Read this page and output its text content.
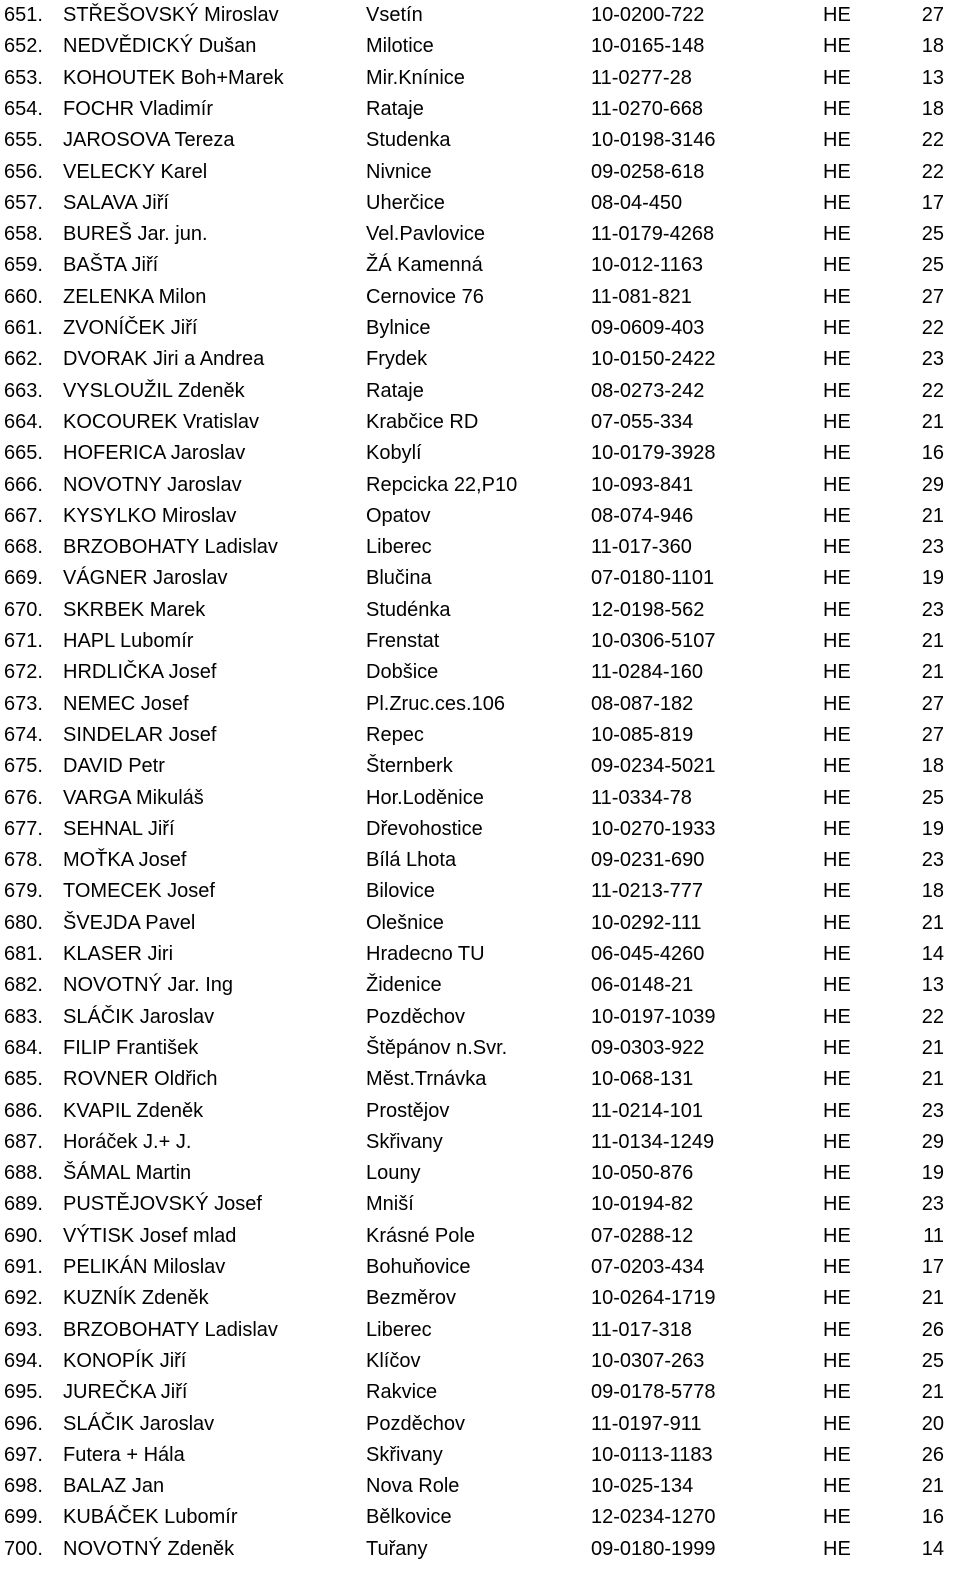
651. STŘEŠOVSKÝ Miroslav	Vsetín	10-0200-722	HE	27
652. NEDVĚDICKÝ Dušan	Milotice	10-0165-148	HE	18
653. KOHOUTEK Boh+Marek	Mir.Knínice	11-0277-28	HE	13
654. FOCHR Vladimír	Rataje	11-0270-668	HE	18
655. JAROSOVA Tereza	Studenka	10-0198-3146	HE	22
656. VELECKY Karel	Nivnice	09-0258-618	HE	22
657. SALAVA Jiří	Uherčice	08-04-450	HE	17
658. BUREŠ Jar. jun.	Vel.Pavlovice	11-0179-4268	HE	25
659. BAŠTA Jiří	ŽÁ Kamenná	10-012-1163	HE	25
660. ZELENKA Milon	Cernovice 76	11-081-821	HE	27
661. ZVONÍČEK Jiří	Bylnice	09-0609-403	HE	22
662. DVORAK Jiri a Andrea	Frydek	10-0150-2422	HE	23
663. VYSLOUŽIL Zdeněk	Rataje	08-0273-242	HE	22
664. KOCOUREK Vratislav	Krabčice RD	07-055-334	HE	21
665. HOFERICA Jaroslav	Kobylí	10-0179-3928	HE	16
666. NOVOTNY Jaroslav	Repcicka 22,P10	10-093-841	HE	29
667. KYSYLKO Miroslav	Opatov	08-074-946	HE	21
668. BRZOBOHATY Ladislav	Liberec	11-017-360	HE	23
669. VÁGNER Jaroslav	Blučina	07-0180-1101	HE	19
670. SKRBEK Marek	Studénka	12-0198-562	HE	23
671. HAPL Lubomír	Frenstat	10-0306-5107	HE	21
672. HRDLIČKA Josef	Dobšice	11-0284-160	HE	21
673. NEMEC Josef	Pl.Zruc.ces.106	08-087-182	HE	27
674. SINDELAR Josef	Repec	10-085-819	HE	27
675. DAVID Petr	Šternberk	09-0234-5021	HE	18
676. VARGA Mikuláš	Hor.Loděnice	11-0334-78	HE	25
677. SEHNAL Jiří	Dřevohostice	10-0270-1933	HE	19
678. MOŤKA Josef	Bílá Lhota	09-0231-690	HE	23
679. TOMECEK Josef	Bilovice	11-0213-777	HE	18
680. ŠVEJDA Pavel	Olešnice	10-0292-111	HE	21
681. KLASER Jiri	Hradecno TU	06-045-4260	HE	14
682. NOVOTNÝ Jar. Ing	Židenice	06-0148-21	HE	13
683. SLÁČIK Jaroslav	Pozděchov	10-0197-1039	HE	22
684. FILIP František	Štěpánov n.Svr.	09-0303-922	HE	21
685. ROVNER Oldřich	Měst.Trnávka	10-068-131	HE	21
686. KVAPIL Zdeněk	Prostějov	11-0214-101	HE	23
687. Horáček J.+ J.	Skřivany	11-0134-1249	HE	29
688. ŠÁMAL Martin	Louny	10-050-876	HE	19
689. PUSTĚJOVSKÝ Josef	Mniší	10-0194-82	HE	23
690. VÝTISK Josef mlad	Krásné Pole	07-0288-12	HE	11
691. PELIKÁN Miloslav	Bohuňovice	07-0203-434	HE	17
692. KUZNÍK Zdeněk	Bezměrov	10-0264-1719	HE	21
693. BRZOBOHATY Ladislav	Liberec	11-017-318	HE	26
694. KONOPÍK Jiří	Klíčov	10-0307-263	HE	25
695. JUREČKA Jiří	Rakvice	09-0178-5778	HE	21
696. SLÁČIK Jaroslav	Pozděchov	11-0197-911	HE	20
697. Futera + Hála	Skřivany	10-0113-1183	HE	26
698. BALAZ Jan	Nova Role	10-025-134	HE	21
699. KUBÁČEK Lubomír	Bělkovice	12-0234-1270	HE	16
700. NOVOTNÝ Zdeněk	Tuřany	09-0180-1999	HE	14
